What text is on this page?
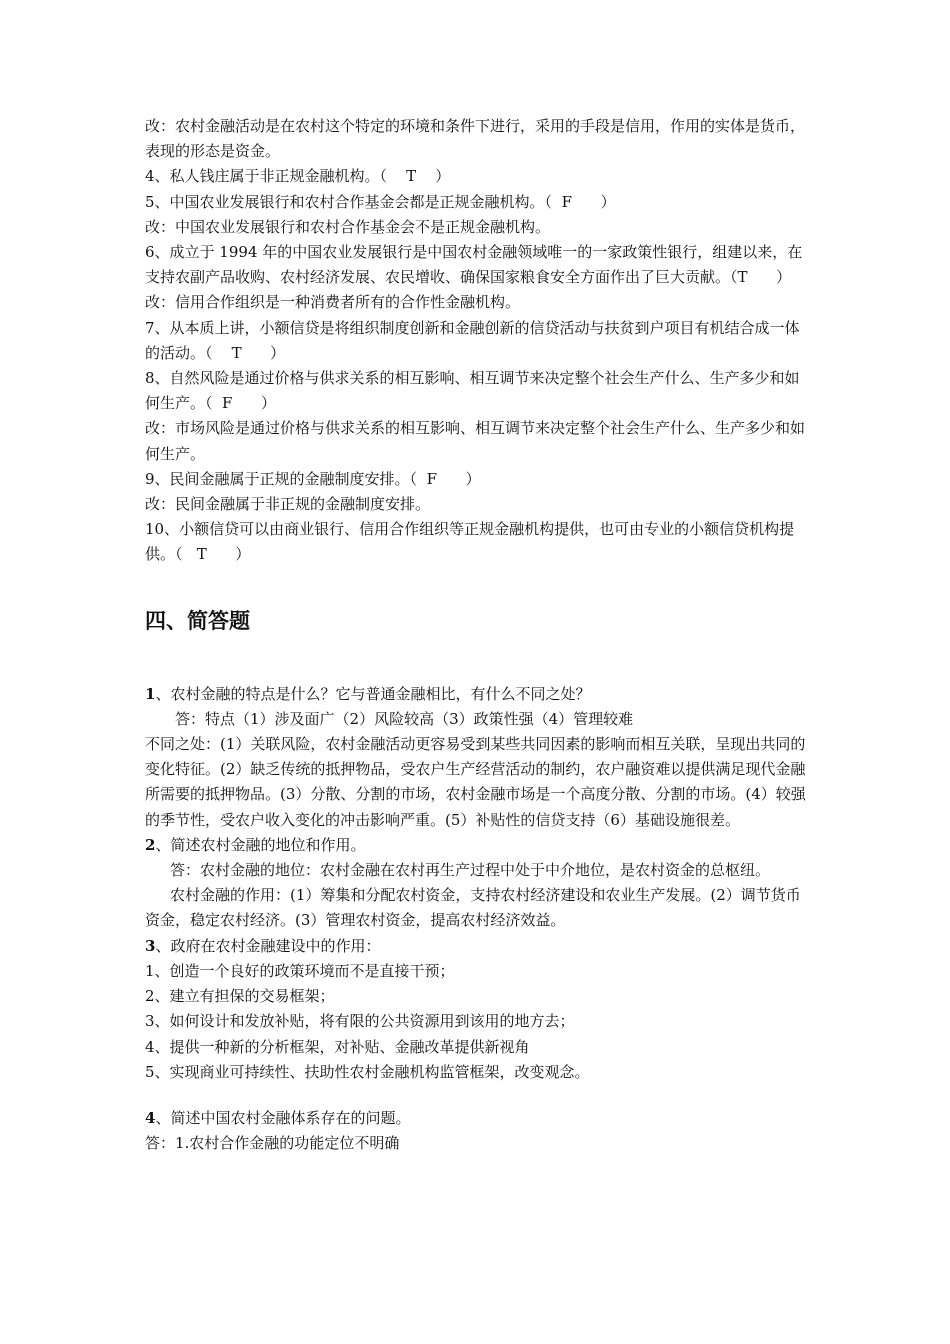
改：农村金融活动是在农村这个特定的环境和条件下进行，采用的手段是信用，作用的实体是货币，表现的形态是资金。

4、私人钱庄属于非正规金融机构。（    T    ）

5、中国农业发展银行和农村合作基金会都是正规金融机构。（  F      ）

改：中国农业发展银行和农村合作基金会不是正规金融机构。

6、成立于 1994 年的中国农业发展银行是中国农村金融领域唯一的一家政策性银行，组建以来，在支持农副产品收购、农村经济发展、农民增收、确保国家粮食安全方面作出了巨大贡献。（T      ）

改：信用合作组织是一种消费者所有的合作性金融机构。

7、从本质上讲，小额信贷是将组织制度创新和金融创新的信贷活动与扶贫到户项目有机结合成一体的活动。（    T      ）

8、自然风险是通过价格与供求关系的相互影响、相互调节来决定整个社会生产什么、生产多少和如何生产。（  F      ）

改：市场风险是通过价格与供求关系的相互影响、相互调节来决定整个社会生产什么、生产多少和如何生产。

9、民间金融属于正规的金融制度安排。（  F      ）

改：民间金融属于非正规的金融制度安排。

10、小额信贷可以由商业银行、信用合作组织等正规金融机构提供，也可由专业的小额信贷机构提供。（   T      ）

四、简答题

1、农村金融的特点是什么？它与普通金融相比，有什么不同之处？

答：特点（1）涉及面广（2）风险较高（3）政策性强（4）管理较难

不同之处：(1）关联风险，农村金融活动更容易受到某些共同因素的影响而相互关联，呈现出共同的变化特征。(2）缺乏传统的抵押物品，受农户生产经营活动的制约，农户融资难以提供满足现代金融所需要的抵押物品。(3）分散、分割的市场，农村金融市场是一个高度分散、分割的市场。(4）较强的季节性，受农户收入变化的冲击影响严重。(5）补贴性的信贷支持（6）基础设施很差。

2、简述农村金融的地位和作用。

答：农村金融的地位：农村金融在农村再生产过程中处于中介地位，是农村资金的总枢纽。

农村金融的作用：(1）筹集和分配农村资金，支持农村经济建设和农业生产发展。(2）调节货币资金，稳定农村经济。(3）管理农村资金，提高农村经济效益。

3、政府在农村金融建设中的作用：

1、创造一个良好的政策环境而不是直接干预；

2、建立有担保的交易框架；

3、如何设计和发放补贴，将有限的公共资源用到该用的地方去；

4、提供一种新的分析框架，对补贴、金融改革提供新视角

5、实现商业可持续性、扶助性农村金融机构监管框架，改变观念。

4、简述中国农村金融体系存在的问题。

答：1.农村合作金融的功能定位不明确
